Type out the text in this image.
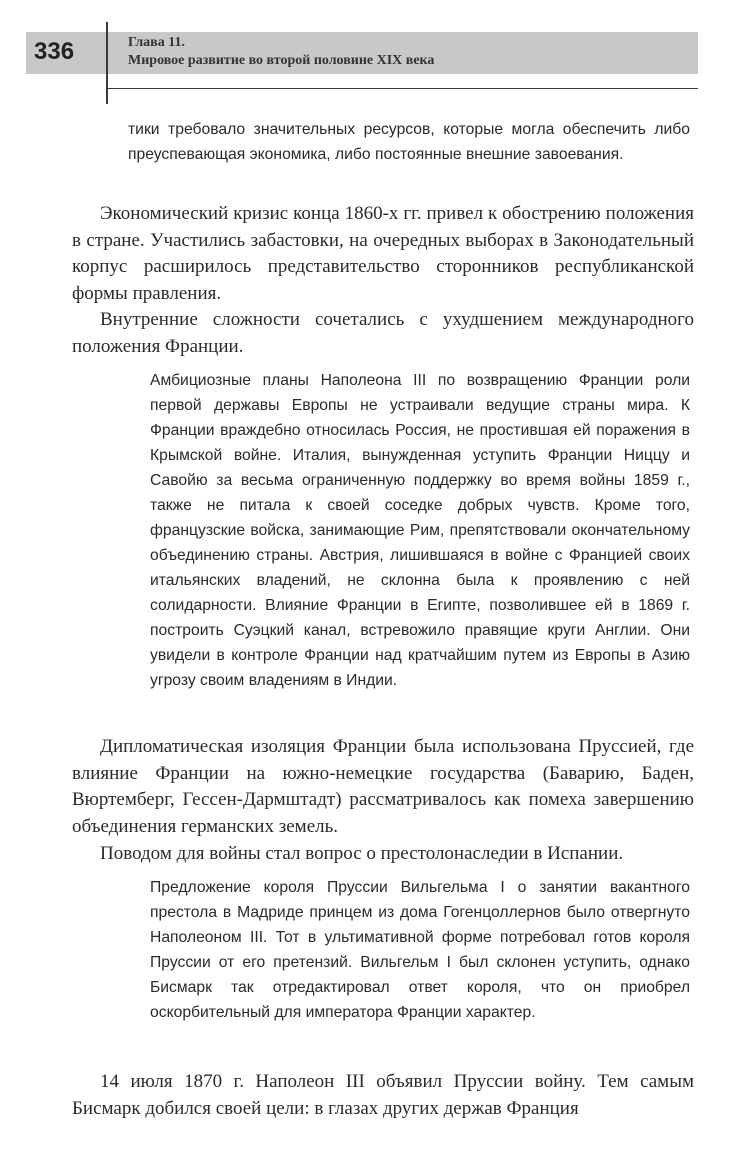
336	Глава 11.
Мировое развитие во второй половине XIX века

тики требовало значительных ресурсов, которые могла обеспечить либо преуспевающая экономика, либо постоянные внешние завоевания.

Экономический кризис конца 1860-х гг. привел к обострению положения в стране. Участились забастовки, на очередных выборах в Законодательный корпус расширилось представительство сторонников республиканской формы правления.

Внутренние сложности сочетались с ухудшением международного положения Франции.

Амбициозные планы Наполеона III по возвращению Франции роли первой державы Европы не устраивали ведущие страны мира. К Франции враждебно относилась Россия, не простившая ей поражения в Крымской войне. Италия, вынужденная уступить Франции Ниццу и Савойю за весьма ограниченную поддержку во время войны 1859 г., также не питала к своей соседке добрых чувств. Кроме того, французские войска, занимающие Рим, препятствовали окончательному объединению страны. Австрия, лишившаяся в войне с Францией своих итальянских владений, не склонна была к проявлению с ней солидарности. Влияние Франции в Египте, позволившее ей в 1869 г. построить Суэцкий канал, встревожило правящие круги Англии. Они увидели в контроле Франции над кратчайшим путем из Европы в Азию угрозу своим владениям в Индии.

Дипломатическая изоляция Франции была использована Пруссией, где влияние Франции на южно-немецкие государства (Баварию, Баден, Вюртемберг, Гессен-Дармштадт) рассматривалось как помеха завершению объединения германских земель.

Поводом для войны стал вопрос о престолонаследии в Испании.

Предложение короля Пруссии Вильгельма I о занятии вакантного престола в Мадриде принцем из дома Гогенцоллернов было отвергнуто Наполеоном III. Тот в ультимативной форме потребовал готов короля Пруссии от его претензий. Вильгельм I был склонен уступить, однако Бисмарк так отредактировал ответ короля, что он приобрел оскорбительный для императора Франции характер.

14 июля 1870 г. Наполеон III объявил Пруссии войну. Тем самым Бисмарк добился своей цели: в глазах других держав Франция
